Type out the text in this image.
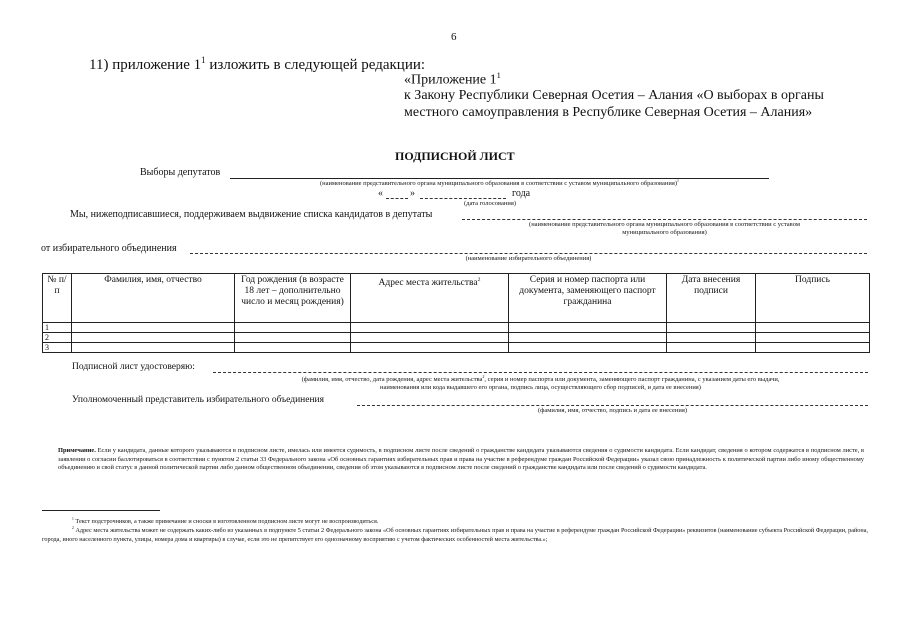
6
11) приложение $1^1$ изложить в следующей редакции:
«Приложение $1^1$
к Закону Республики Северная Осетия – Алания «О выборах в органы
местного самоуправления в Республике Северная Осетия – Алания»
ПОДПИСНОЙ ЛИСТ
Выборы депутатов
(наименование представительного органа муниципального образования в соответствии с уставом муниципального образования)$^1$
«	»	года
(дата голосования)
Мы, нижеподписавшиеся, поддерживаем выдвижение списка кандидатов в депутаты
(наименование представительного органа муниципального образования в соответствии с уставом
муниципального образования)
от избирательного объединения
(наименование избирательного объединения)
№ п/п	Фамилия, имя, отчество	Год рождения (в возрасте 18 лет – дополнительно число и месяц рождения)	Адрес места жительства$^2$	Серия и номер паспорта или документа, заменяющего паспорт гражданина	Дата внесения подписи	Подпись
1						
2						
3						
Подписной лист удостоверяю:
(фамилия, имя, отчество, дата рождения, адрес места жительства$^2$, серия и номер паспорта или документа, заменяющего паспорт гражданина, с указанием даты его выдачи,
наименования или кода выдавшего его органа, подпись лица, осуществляющего сбор подписей, и дата ее внесения)
Уполномоченный представитель избирательного объединения
(фамилия, имя, отчество, подпись и дата ее внесения)
Примечание. Если у кандидата, данные которого указываются в подписном листе, имелась или имеется судимость, в подписном листе после сведений о гражданстве кандидата указываются сведения о судимости кандидата. Если кандидат, сведения о котором содержатся в подписном листе, в заявлении о согласии баллотироваться в соответствии с пунктом 2 статьи 33 Федерального закона «Об основных гарантиях избирательных прав и права на участие в референдуме граждан Российской Федерации» указал свою принадлежность к политической партии либо иному общественному объединению и свой статус в данной политической партии либо данном общественном объединении, сведения об этом указываются в подписном листе после сведений о гражданстве кандидата или после сведений о судимости кандидата.
$^1$ Текст подстрочников, а также примечание и сноски в изготовленном подписном листе могут не воспроизводиться.
$^2$ Адрес места жительства может не содержать каких-либо из указанных в подпункте 5 статьи 2 Федерального закона «Об основных гарантиях избирательных прав и права на участие в референдуме граждан Российской Федерации» реквизитов (наименование субъекта Российской Федерации, района, города, иного населенного пункта, улицы, номера дома и квартиры) в случае, если это не препятствует его однозначному восприятию с учетом фактических особенностей места жительства.»;
